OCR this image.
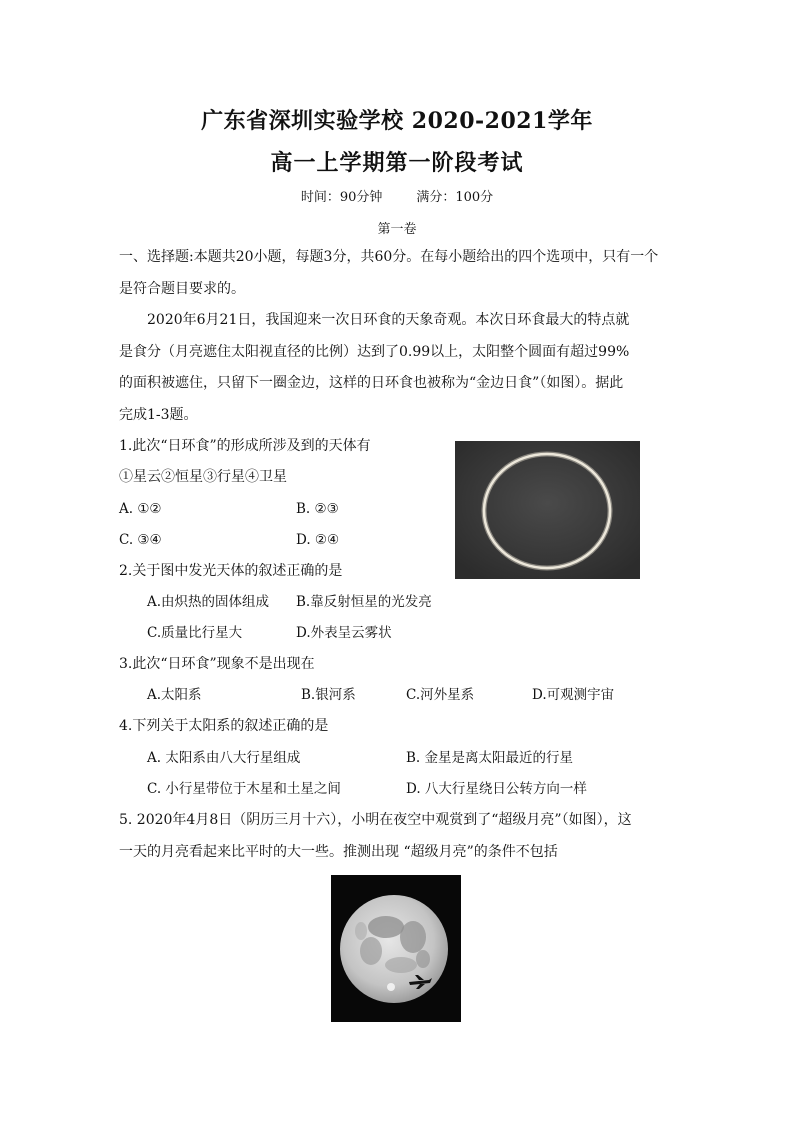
广东省深圳实验学校 2020-2021学年
高一上学期第一阶段考试
时间：90分钟	满分：100分
第一卷
一、选择题:本题共20小题，每题3分，共60分。在每小题给出的四个选项中，只有一个
是符合题目要求的。
2020年6月21日，我国迎来一次日环食的天象奇观。本次日环食最大的特点就
是食分（月亮遮住太阳视直径的比例）达到了0.99以上，太阳整个圆面有超过99%
的面积被遮住，只留下一圈金边，这样的日环食也被称为“金边日食”（如图）。据此
完成1-3题。
1.此次“日环食”的形成所涉及到的天体有
①星云②恒星③行星④卫星
A. ①②	B. ②③
C. ③④	D. ②④
2.关于图中发光天体的叙述正确的是
A.由炽热的固体组成 B.靠反射恒星的光发亮
C.质量比行星大	D.外表呈云雾状
3.此次“日环食”现象不是出现在
A.太阳系	B.银河系	C.河外星系	D.可观测宇宙
4.下列关于太阳系的叙述正确的是
A. 太阳系由八大行星组成	B. 金星是离太阳最近的行星
C. 小行星带位于木星和土星之间	D. 八大行星绕日公转方向一样
5. 2020年4月8日（阴历三月十六），小明在夜空中观赏到了“超级月亮”（如图），这
一天的月亮看起来比平时的大一些。推测出现 “超级月亮”的条件不包括
